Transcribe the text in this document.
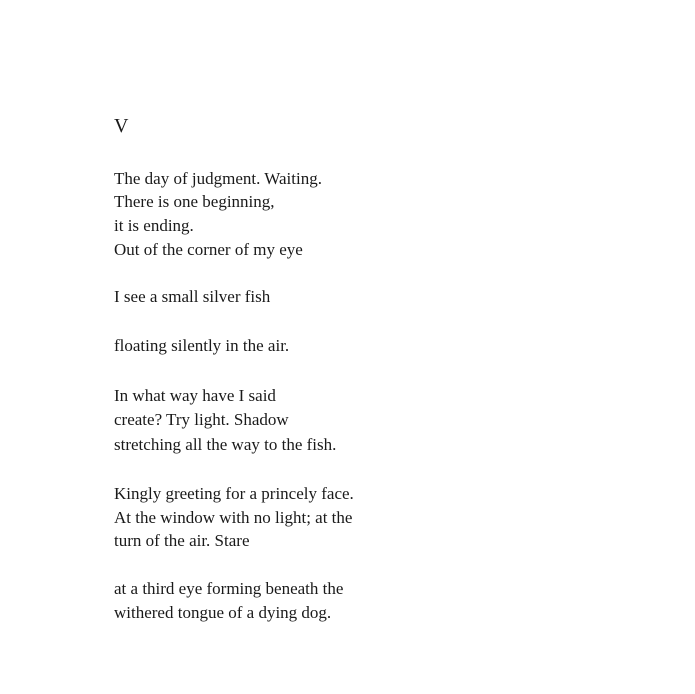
V

The day of judgment. Waiting.

There is one beginning,

it is ending.

Out of the corner of my eye

I see a small silver fish

floating silently in the air.

In what way have I said

create? Try light. Shadow

stretching all the way to the fish.

Kingly greeting for a princely face.

At the window with no light; at the

turn of the air. Stare

at a third eye forming beneath the

withered tongue of a dying dog.
